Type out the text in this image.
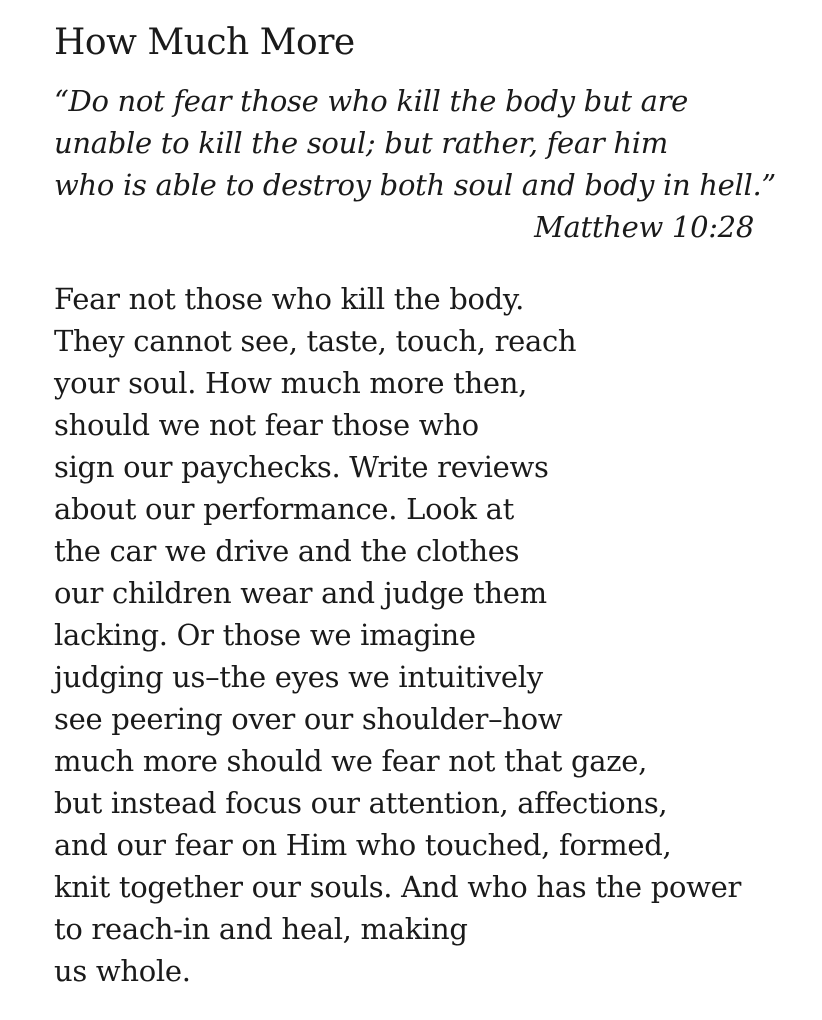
How Much More
“Do not fear those who kill the body but are
unable to kill the soul; but rather, fear him
who is able to destroy both soul and body in hell.”
Matthew 10:28
Fear not those who kill the body.
They cannot see, taste, touch, reach
your soul. How much more then,
should we not fear those who
sign our paychecks. Write reviews
about our performance. Look at
the car we drive and the clothes
our children wear and judge them
lacking. Or those we imagine
judging us–the eyes we intuitively
see peering over our shoulder–how
much more should we fear not that gaze,
but instead focus our attention, affections,
and our fear on Him who touched, formed,
knit together our souls. And who has the power
to reach-in and heal, making
us whole.
